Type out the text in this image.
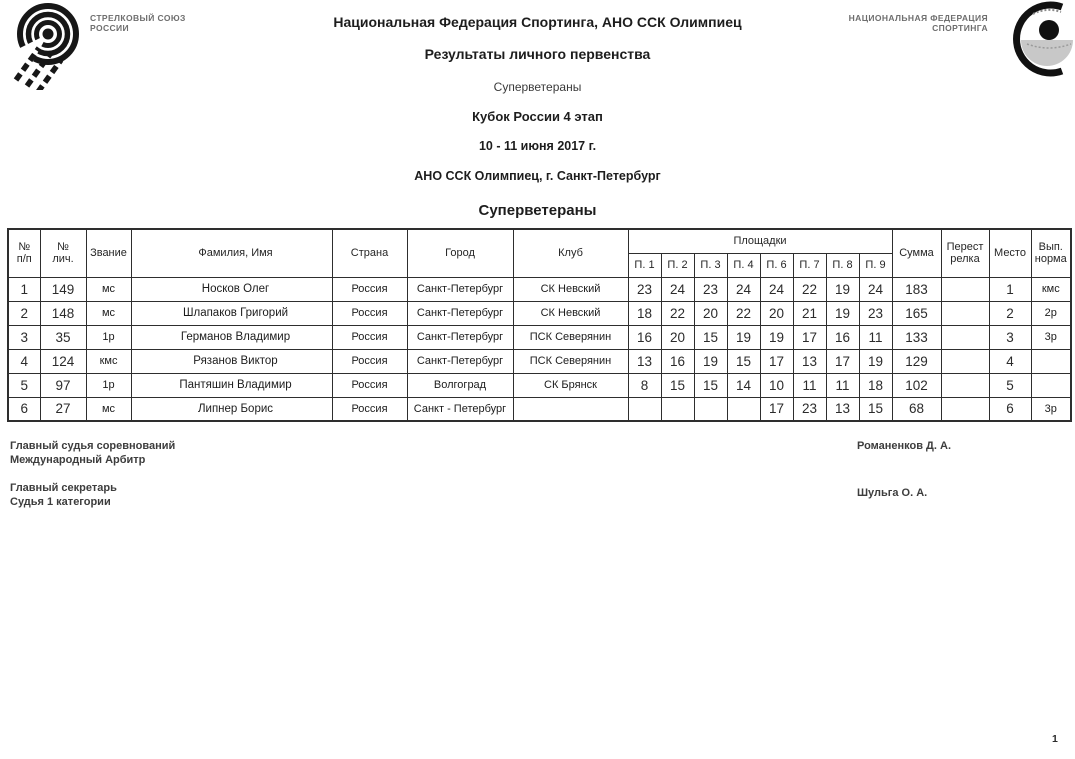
СТРЕЛКОВЫЙ СОЮЗ
РОССИИ
НАЦИОНАЛЬНАЯ ФЕДЕРАЦИЯ
СПОРТИНГА
Национальная Федерация Спортинга, АНО ССК Олимпиец
Результаты личного первенства
Суперветераны
Кубок России 4 этап
10 - 11 июня 2017 г.
АНО ССК Олимпиец, г. Санкт-Петербург
Суперветераны
№
п/п	№
лич.	Звание	Фамилия, Имя	Страна	Город	Клуб	Площадки								Сумма	Перест
релка	Место	Вып.
норма
							П. 1	П. 2	П. 3	П. 4	П. 6	П. 7	П. 8	П. 9				
1	149	мс	Носков Олег	Россия	Санкт-Петербург	СК Невский	23	24	23	24	24	22	19	24	183		1	кмс
2	148	мс	Шлапаков Григорий	Россия	Санкт-Петербург	СК Невский	18	22	20	22	20	21	19	23	165		2	2р
3	35	1р	Германов Владимир	Россия	Санкт-Петербург	ПСК Северянин	16	20	15	19	19	17	16	11	133		3	3р
4	124	кмс	Рязанов Виктор	Россия	Санкт-Петербург	ПСК Северянин	13	16	19	15	17	13	17	19	129		4	
5	97	1р	Пантяшин Владимир	Россия	Волгоград	СК Брянск	8	15	15	14	10	11	11	18	102		5	
6	27	мс	Липнер Борис	Россия	Санкт - Петербург						17	23	13	15	68		6	3р
Главный судья соревнований
Международный Арбитр
Романенков Д. А.
Главный секретарь
Судья 1 категории
Шульга О. А.
1
